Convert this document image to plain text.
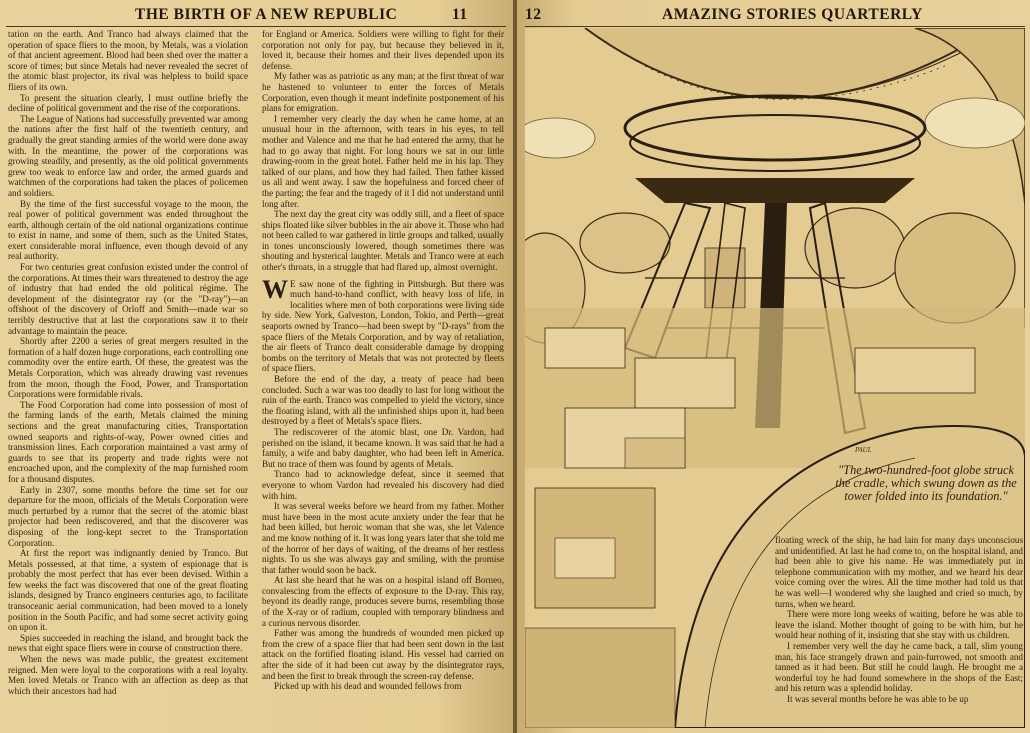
THE BIRTH OF A NEW REPUBLIC	11

tation on the earth. And Tranco had always claimed that the operation of space fliers to the moon, by Metals, was a violation of that ancient agreement. Blood had been shed over the matter a score of times; but since Metals had never revealed the secret of the atomic blast projector, its rival was helpless to build space fliers of its own.

To present the situation clearly, I must outline briefly the decline of political government and the rise of the corporations.

The League of Nations had successfully prevented war among the nations after the first half of the twentieth century, and gradually the great standing armies of the world were done away with. In the meantime, the power of the corporations was growing steadily, and presently, as the old political governments grew too weak to enforce law and order, the armed guards and watchmen of the corporations had taken the places of policemen and soldiers.

By the time of the first successful voyage to the moon, the real power of political government was ended throughout the earth, although certain of the old national organizations continue to exist in name, and some of them, such as the United States, exert considerable moral influence, even though devoid of any real authority.

For two centuries great confusion existed under the control of the corporations. At times their wars threatened to destroy the age of industry that had ended the old political régime. The development of the disintegrator ray (or the "D-ray")—an offshoot of the discovery of Orloff and Smith—made war so terribly destructive that at last the corporations saw it to their advantage to maintain the peace.

Shortly after 2200 a series of great mergers resulted in the formation of a half dozen huge corporations, each controlling one commodity over the entire earth. Of these, the greatest was the Metals Corporation, which was already drawing vast revenues from the moon, though the Food, Power, and Transportation Corporations were formidable rivals.

The Food Corporation had come into possession of most of the farming lands of the earth, Metals claimed the mining sections and the great manufacturing cities, Transportation owned seaports and rights-of-way, Power owned cities and transmission lines. Each corporation maintained a vast army of guards to see that its property and trade rights were not encroached upon, and the complexity of the map furnished room for a thousand disputes.

Early in 2307, some months before the time set for our departure for the moon, officials of the Metals Corporation were much perturbed by a rumor that the secret of the atomic blast projector had been rediscovered, and that the discoverer was disposing of the long-kept secret to the Transportation Corporation.

At first the report was indignantly denied by Tranco. But Metals possessed, at that time, a system of espionage that is probably the most perfect that has ever been devised. Within a few weeks the fact was discovered that one of the great floating islands, designed by Tranco engineers centuries ago, to facilitate transoceanic aerial communication, had been moved to a lonely position in the South Pacific, and had some secret activity going on upon it.

Spies succeeded in reaching the island, and brought back the news that eight space fliers were in course of construction there.

When the news was made public, the greatest excitement reigned. Men were loyal to the corporations with a real loyalty. Men loved Metals or Tranco with an affection as deep as that which their ancestors had had

for England or America. Soldiers were willing to fight for their corporation not only for pay, but because they believed in it, loved it, because their homes and their lives depended upon its defense.

My father was as patriotic as any man; at the first threat of war he hastened to volunteer to enter the forces of Metals Corporation, even though it meant indefinite postponement of his plans for emigration.

I remember very clearly the day when he came home, at an unusual hour in the afternoon, with tears in his eyes, to tell mother and Valence and me that he had entered the army, that he had to go away that night. For long hours we sat in our little drawing-room in the great hotel. Father held me in his lap. They talked of our plans, and how they had failed. Then father kissed us all and went away. I saw the hopefulness and forced cheer of the parting; the fear and the tragedy of it I did not understand until long after.

The next day the great city was oddly still, and a fleet of space ships floated like silver bubbles in the air above it. Those who had not been called to war gathered in little groups and talked, usually in tones unconsciously lowered, though sometimes there was shouting and hysterical laughter. Metals and Tranco were at each other's throats, in a struggle that had flared up, almost overnight.

W E saw none of the fighting in Pittsburgh. But there was much hand-to-hand conflict, with heavy loss of life, in localities where men of both corporations were living side by side. New York, Galveston, London, Tokio, and Perth—great seaports owned by Tranco—had been swept by "D-rays" from the space fliers of the Metals Corporation, and by way of retaliation, the air fleets of Tranco dealt considerable damage by dropping bombs on the territory of Metals that was not protected by fleets of space fliers.

Before the end of the day, a treaty of peace had been concluded. Such a war was too deadly to last for long without the ruin of the earth. Tranco was compelled to yield the victory, since the floating island, with all the unfinished ships upon it, had been destroyed by a fleet of Metals's space fliers.

The rediscoverer of the atomic blast, one Dr. Vardon, had perished on the island, it became known. It was said that he had a family, a wife and baby daughter, who had been left in America. But no trace of them was found by agents of Metals.

Tranco had to acknowledge defeat, since it seemed that everyone to whom Vardon had revealed his discovery had died with him.

It was several weeks before we heard from my father. Mother must have been in the most acute anxiety under the fear that he had been killed, but heroic woman that she was, she let Valence and me know nothing of it. It was long years later that she told me of the horror of her days of waiting, of the dreams of her restless nights. To us she was always gay and smiling, with the promise that father would soon be back.

At last she heard that he was on a hospital island off Borneo, convalescing from the effects of exposure to the D-ray. This ray, beyond its deadly range, produces severe burns, resembling those of the X-ray or of radium, coupled with temporary blindness and a curious nervous disorder.

Father was among the hundreds of wounded men picked up from the crew of a space flier that had been sent down in the last attack on the fortified floating island. His vessel had carried on after the side of it had been cut away by the disintegrator rays, and been the first to break through the screen-ray defense.

Picked up with his dead and wounded fellows from

12	AMAZING STORIES QUARTERLY
PAUL
"The two-hundred-foot globe struck the cradle, which swung down as the tower folded into its foundation."

floating wreck of the ship, he had lain for many days unconscious and unidentified. At last he had come to, on the hospital island, and had been able to give his name. He was immediately put in telephone communication with my mother, and we heard his dear voice coming over the wires. All the time mother had told us that he was well—I wondered why she laughed and cried so much, by turns, when we heard.

There were more long weeks of waiting, before he was able to leave the island. Mother thought of going to be with him, but he would hear nothing of it, insisting that she stay with us children.

I remember very well the day he came back, a tall, slim young man, his face strangely drawn and pain-furrowed, not smooth and tanned as it had been. But still he could laugh. He brought me a wonderful toy he had found somewhere in the shops of the East; and his return was a splendid holiday.

It was several months before he was able to be up
